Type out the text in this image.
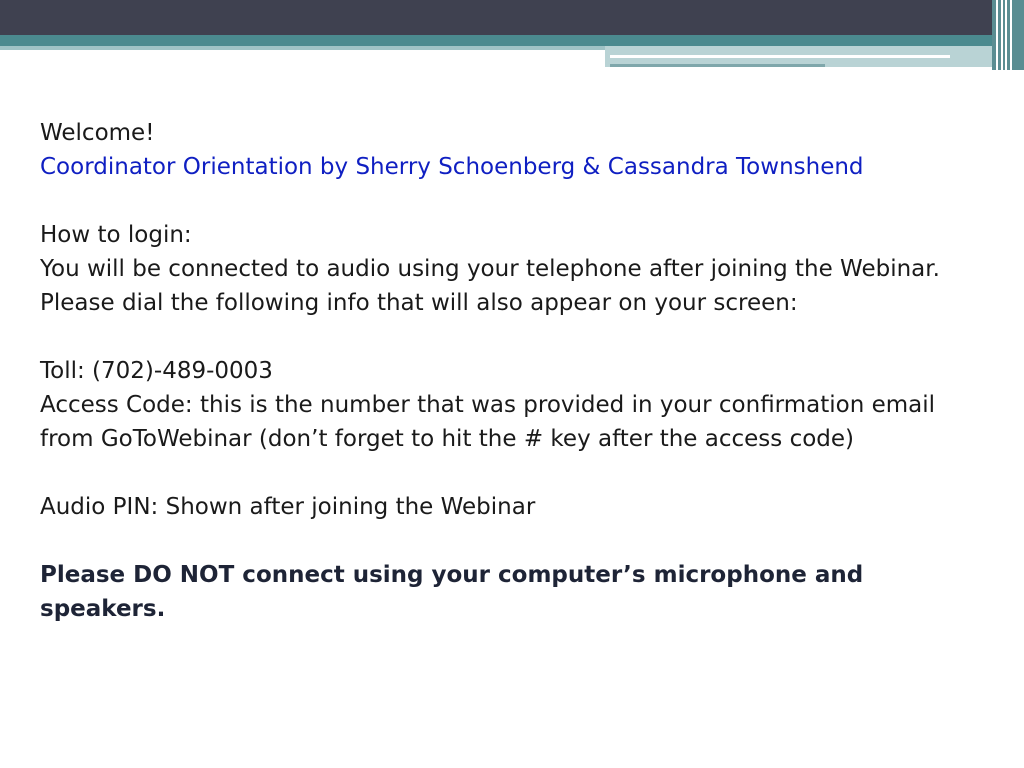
Welcome!

Coordinator Orientation by Sherry Schoenberg & Cassandra Townshend

How to login:

You will be connected to audio using your telephone after joining the Webinar. Please dial the following info that will also appear on your screen:

Toll: (702)-489-0003

Access Code: this is the number that was provided in your confirmation email from GoToWebinar (don’t forget to hit the # key after the access code)

Audio PIN: Shown after joining the Webinar

Please DO NOT connect using your computer’s microphone and speakers.
